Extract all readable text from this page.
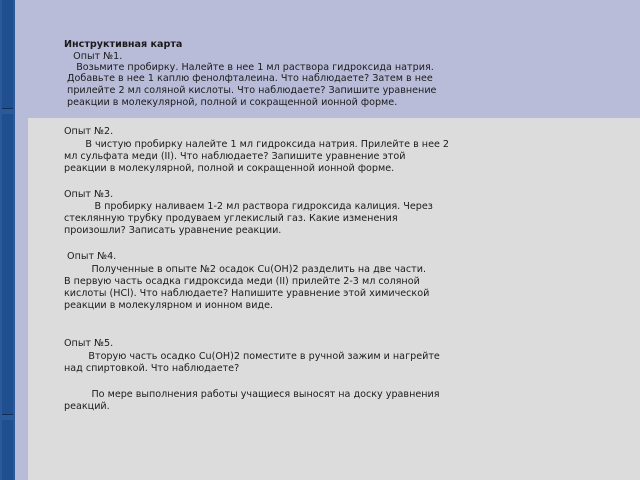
Инструктивная карта
Опыт №1.
Возьмите пробирку. Налейте в нее 1 мл раствора гидроксида натрия.
Добавьте в нее 1 каплю фенолфталеина. Что наблюдаете? Затем в нее
прилейте 2 мл соляной кислоты. Что наблюдаете? Запишите уравнение
реакции в молекулярной, полной и сокращенной ионной форме.
Опыт №2.
В чистую пробирку налейте 1 мл гидроксида натрия. Прилейте в нее 2
мл сульфата меди (II). Что наблюдаете? Запишите уравнение этой
реакции в молекулярной, полной и сокращенной ионной форме.
Опыт №3.
В пробирку наливаем 1-2 мл раствора гидроксида калиция. Через
стеклянную трубку продуваем углекислый газ. Какие изменения
произошли? Записать уравнение реакции.
Опыт №4.
Полученные в опыте №2 осадок Cu(OH)2 разделить на две части.
В первую часть осадка гидроксида меди (II) прилейте 2-3 мл соляной
кислоты (HCl). Что наблюдаете? Напишите уравнение этой химической
реакции в молекулярном и ионном виде.
Опыт №5.
Вторую часть осадко Cu(OH)2 поместите в ручной зажим и нагрейте
над спиртовкой. Что наблюдаете?
По мере выполнения работы учащиеся выносят на доску уравнения
реакций.
